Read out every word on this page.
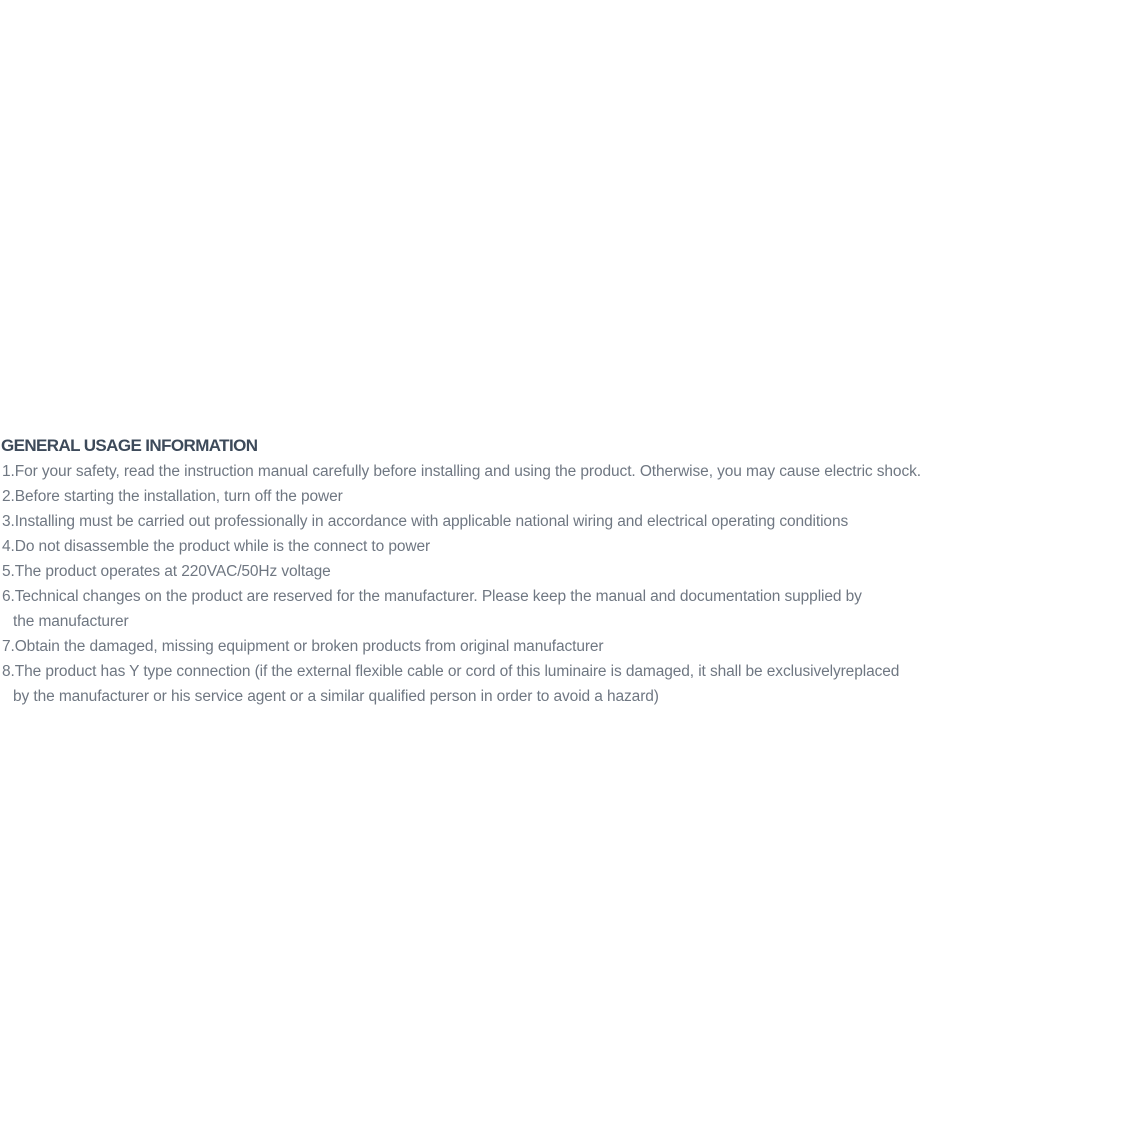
GENERAL USAGE INFORMATION
1.For your safety, read the instruction manual carefully before installing and using the product. Otherwise, you may cause electric shock.
2.Before starting the installation, turn off the power
3.Installing must be carried out professionally in accordance with applicable national wiring and electrical operating conditions
4.Do not disassemble the product while is the connect to power
5.The product operates at 220VAC/50Hz voltage
6.Technical changes on the product are reserved for the manufacturer. Please keep the manual and documentation supplied by
the manufacturer
7.Obtain the damaged, missing equipment or broken products from original manufacturer
8.The product has Y type connection (if the external flexible cable or cord of this luminaire is damaged, it shall be exclusivelyreplaced
by the manufacturer or his service agent or a similar qualified person in order to avoid a hazard)
